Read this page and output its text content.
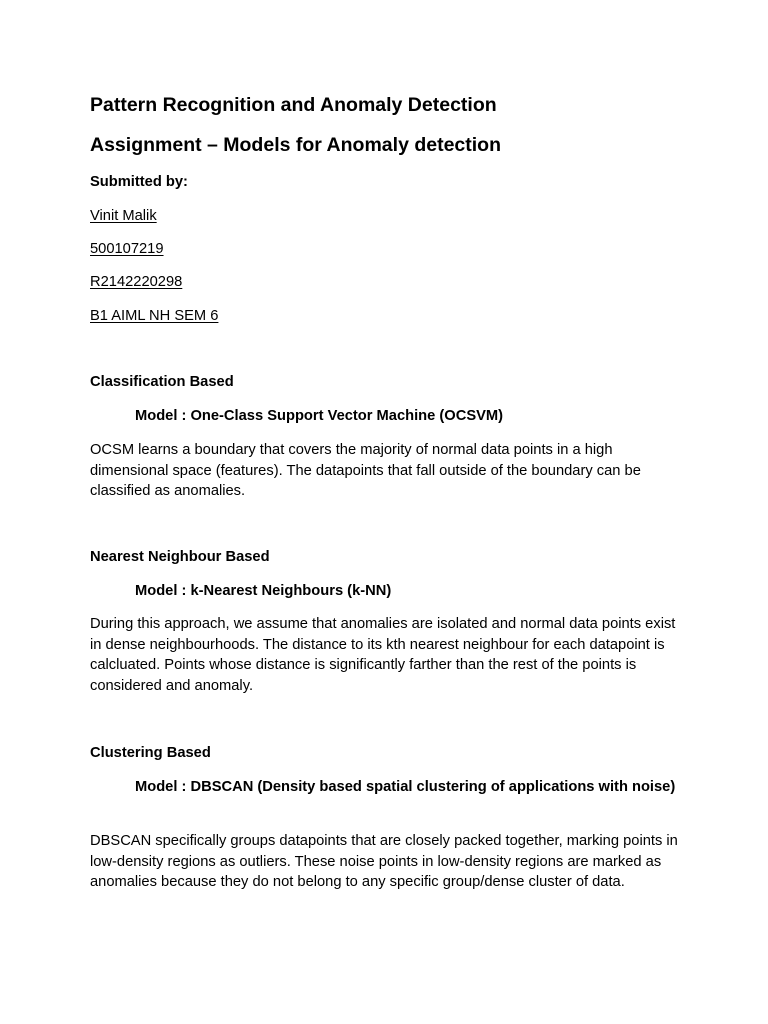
Pattern Recognition and Anomaly Detection
Assignment – Models for Anomaly detection
Submitted by:
Vinit Malik
500107219
R2142220298
B1 AIML NH SEM 6
Classification Based
Model : One-Class Support Vector Machine (OCSVM)

OCSM learns a boundary that covers the majority of normal data points in a high dimensional space (features). The datapoints that fall outside of the boundary can be classified as anomalies.

Nearest Neighbour Based
Model : k-Nearest Neighbours (k-NN)

During this approach, we assume that anomalies are isolated and normal data points exist in dense neighbourhoods. The distance to its kth nearest neighbour for each datapoint is calcluated. Points whose distance is significantly farther than the rest of the points is considered and anomaly.

Clustering Based
Model : DBSCAN (Density based spatial clustering of applications with noise)

DBSCAN specifically groups datapoints that are closely packed together, marking points in low-density regions as outliers. These noise points in low-density regions are marked as anomalies because they do not belong to any specific group/dense cluster of data.
